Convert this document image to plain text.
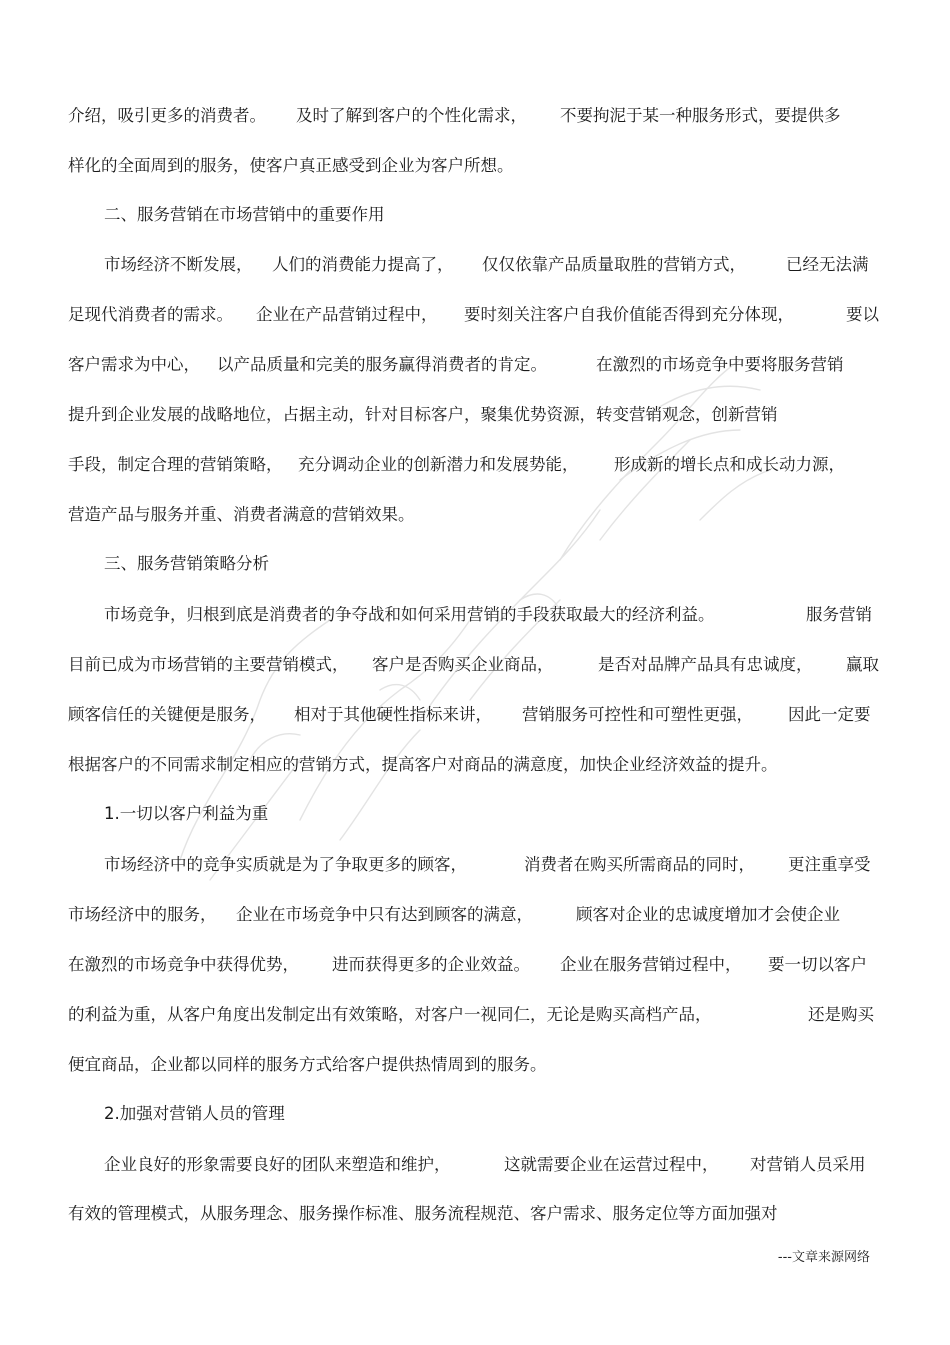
介绍，吸引更多的消费者。 及时了解到客户的个性化需求， 不要拘泥于某一种服务形式，要提供多
样化的全面周到的服务，使客户真正感受到企业为客户所想。
二、服务营销在市场营销中的重要作用
市场经济不断发展， 人们的消费能力提高了， 仅仅依靠产品质量取胜的营销方式， 已经无法满
足现代消费者的需求。 企业在产品营销过程中， 要时刻关注客户自我价值能否得到充分体现，	要以
客户需求为中心， 以产品质量和完美的服务赢得消费者的肯定。	在激烈的市场竞争中要将服务营销
提升到企业发展的战略地位，占据主动，针对目标客户，聚集优势资源，转变营销观念，创新营销
手段，制定合理的营销策略， 充分调动企业的创新潜力和发展势能， 形成新的增长点和成长动力源，
营造产品与服务并重、消费者满意的营销效果。
三、服务营销策略分析
市场竞争，归根到底是消费者的争夺战和如何采用营销的手段获取最大的经济利益。	服务营销
目前已成为市场营销的主要营销模式， 客户是否购买企业商品，	是否对品牌产品具有忠诚度， 赢取
顾客信任的关键便是服务， 相对于其他硬性指标来讲， 营销服务可控性和可塑性更强， 因此一定要
根据客户的不同需求制定相应的营销方式，提高客户对商品的满意度，加快企业经济效益的提升。
1.一切以客户利益为重
市场经济中的竞争实质就是为了争取更多的顾客，	消费者在购买所需商品的同时， 更注重享受
市场经济中的服务， 企业在市场竞争中只有达到顾客的满意，	顾客对企业的忠诚度增加才会使企业
在激烈的市场竞争中获得优势， 进而获得更多的企业效益。 企业在服务营销过程中， 要一切以客户
的利益为重，从客户角度出发制定出有效策略，对客户一视同仁，无论是购买高档产品，	还是购买
便宜商品，企业都以同样的服务方式给客户提供热情周到的服务。
2.加强对营销人员的管理
企业良好的形象需要良好的团队来塑造和维护，	这就需要企业在运营过程中， 对营销人员采用
有效的管理模式，从服务理念、服务操作标准、服务流程规范、客户需求、服务定位等方面加强对
---文章来源网络
